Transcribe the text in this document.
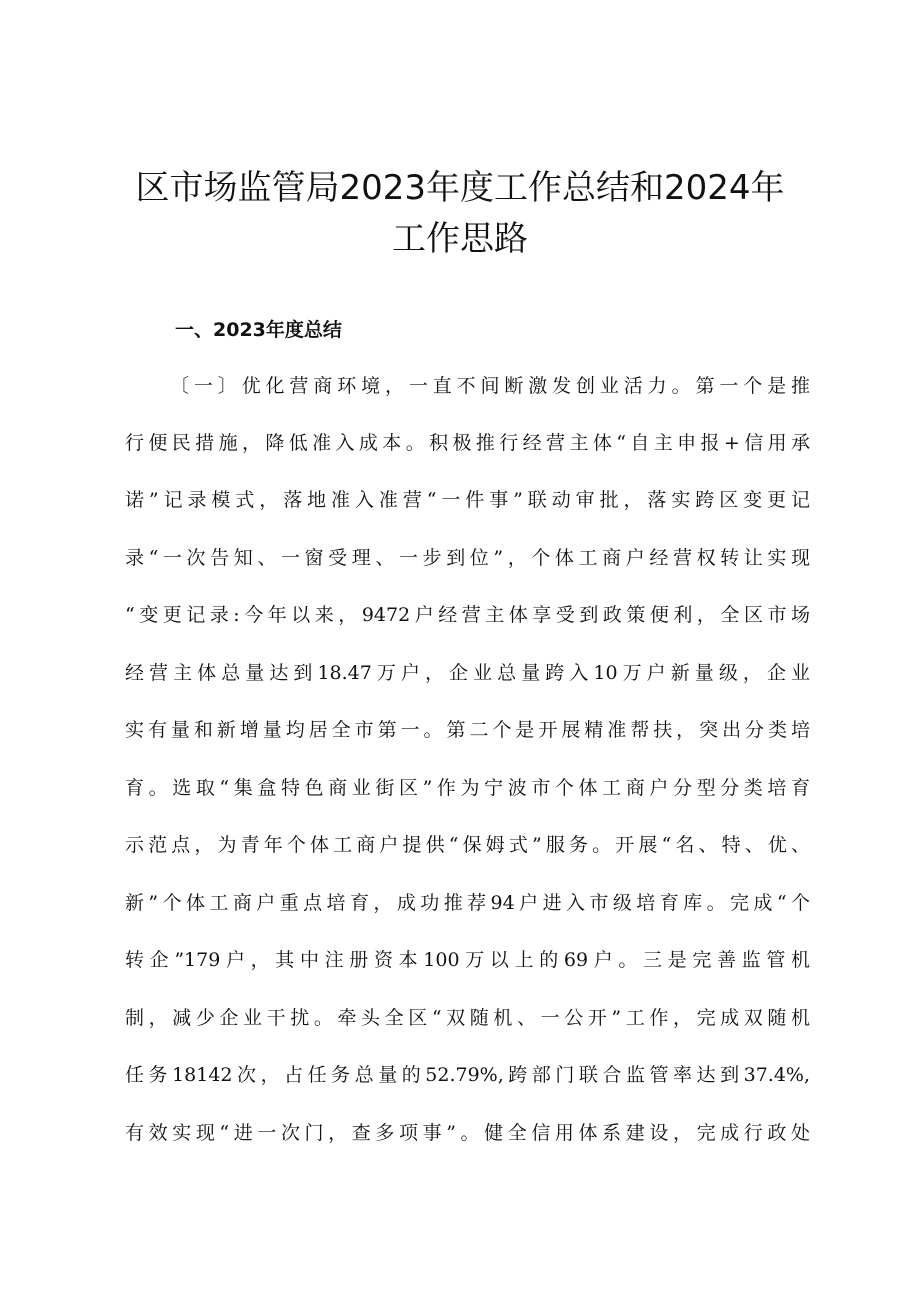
区市场监管局2023年度工作总结和2024年
工作思路
一、2023年度总结
〔一〕优化营商环境，一直不间断激发创业活力。第一个是推
行便民措施，降低准入成本。积极推行经营主体“自主申报+信用承
诺”记录模式，落地准入准营“一件事”联动审批，落实跨区变更记
录“一次告知、一窗受理、一步到位”，个体工商户经营权转让实现
“变更记录:今年以来，9472户经营主体享受到政策便利，全区市场
经营主体总量达到18.47万户，企业总量跨入10万户新量级，企业
实有量和新增量均居全市第一。第二个是开展精准帮扶，突出分类培
育。选取“集盒特色商业街区”作为宁波市个体工商户分型分类培育
示范点，为青年个体工商户提供“保姆式”服务。开展“名、特、优、
新”个体工商户重点培育，成功推荐94户进入市级培育库。完成“个
转企”179户，其中注册资本100万以上的69户。三是完善监管机
制，减少企业干扰。牵头全区“双随机、一公开”工作，完成双随机
任务18142次，占任务总量的52.79%,跨部门联合监管率达到37.4%,
有效实现“进一次门，查多项事”。健全信用体系建设，完成行政处
